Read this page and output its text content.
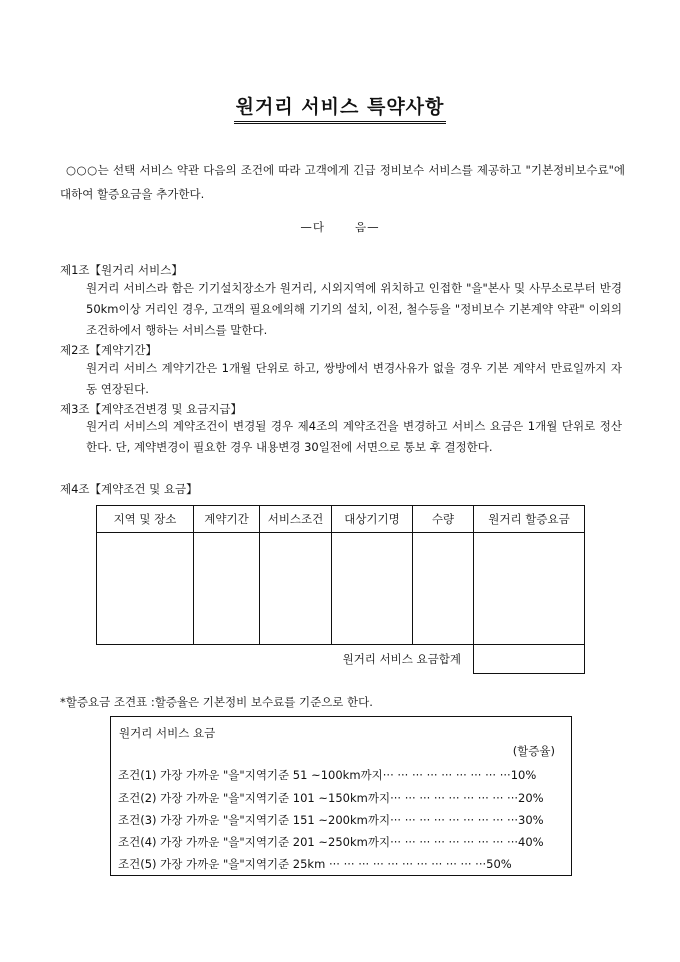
원거리 서비스 특약사항
○○○는 선택 서비스 약관 다음의 조건에 따라 고객에게 긴급 정비보수 서비스를 제공하고 "기본정비보수료"에 대하여 할증요금을 추가한다.
—다	음—
제1조【원거리 서비스】
원거리 서비스라 함은 기기설치장소가 원거리, 시외지역에 위치하고 인접한 "을"본사 및 사무소로부터 반경 50km이상 거리인 경우, 고객의 필요에의해 기기의 설치, 이전, 철수등을 "정비보수 기본계약 약관" 이외의 조건하에서 행하는 서비스를 말한다.
제2조【계약기간】
원거리 서비스 계약기간은 1개월 단위로 하고, 쌍방에서 변경사유가 없을 경우 기본 계약서 만료일까지 자동 연장된다.
제3조【계약조건변경 및 요금지급】
원거리 서비스의 계약조건이 변경될 경우 제4조의 계약조건을 변경하고 서비스 요금은 1개월 단위로 정산한다. 단, 계약변경이 필요한 경우 내용변경 30일전에 서면으로 통보 후 결정한다.
제4조【계약조건 및 요금】
지역 및 장소	계약기간	서비스조건	대상기기명	수량	원거리 할증요금

원거리 서비스 요금합계					
*할증요금 조견표 :할증율은 기본정비 보수료를 기준으로 한다.
원거리 서비스 요금
(할증율)
조건(1) 가장 가까운 "을"지역기준 51 ~100km까지··· ··· ··· ··· ··· ··· ··· ··· ···10%
조건(2) 가장 가까운 "을"지역기준 101 ~150km까지··· ··· ··· ··· ··· ··· ··· ··· ···20%
조건(3) 가장 가까운 "을"지역기준 151 ~200km까지··· ··· ··· ··· ··· ··· ··· ··· ···30%
조건(4) 가장 가까운 "을"지역기준 201 ~250km까지··· ··· ··· ··· ··· ··· ··· ··· ···40%
조건(5) 가장 가까운 "을"지역기준 25km ··· ··· ··· ··· ··· ··· ··· ··· ··· ··· ···50%
